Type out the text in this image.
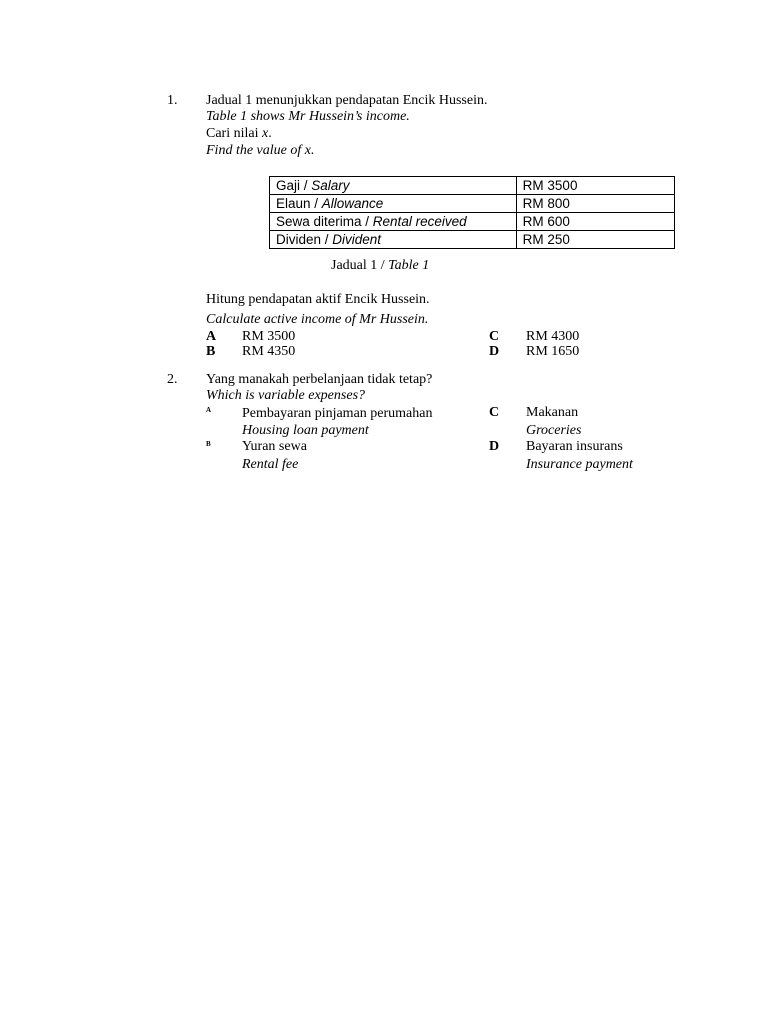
1. Jadual 1 menunjukkan pendapatan Encik Hussein.
Table 1 shows Mr Hussein’s income.
Cari nilai x.
Find the value of x.
Gaji / Salary	RM 3500
Elaun / Allowance	RM 800
Sewa diterima / Rental received	RM 600
Dividen / Divident	RM 250
Jadual 1 / Table 1
Hitung pendapatan aktif Encik Hussein.
Calculate active income of Mr Hussein.
A RM 3500
B RM 4350
C RM 4300
D RM 1650
2. Yang manakah perbelanjaan tidak tetap?
Which is variable expenses?
A Pembayaran pinjaman perumahan
Housing loan payment
B Yuran sewa
Rental fee
C Makanan
Groceries
D Bayaran insurans
Insurance payment
